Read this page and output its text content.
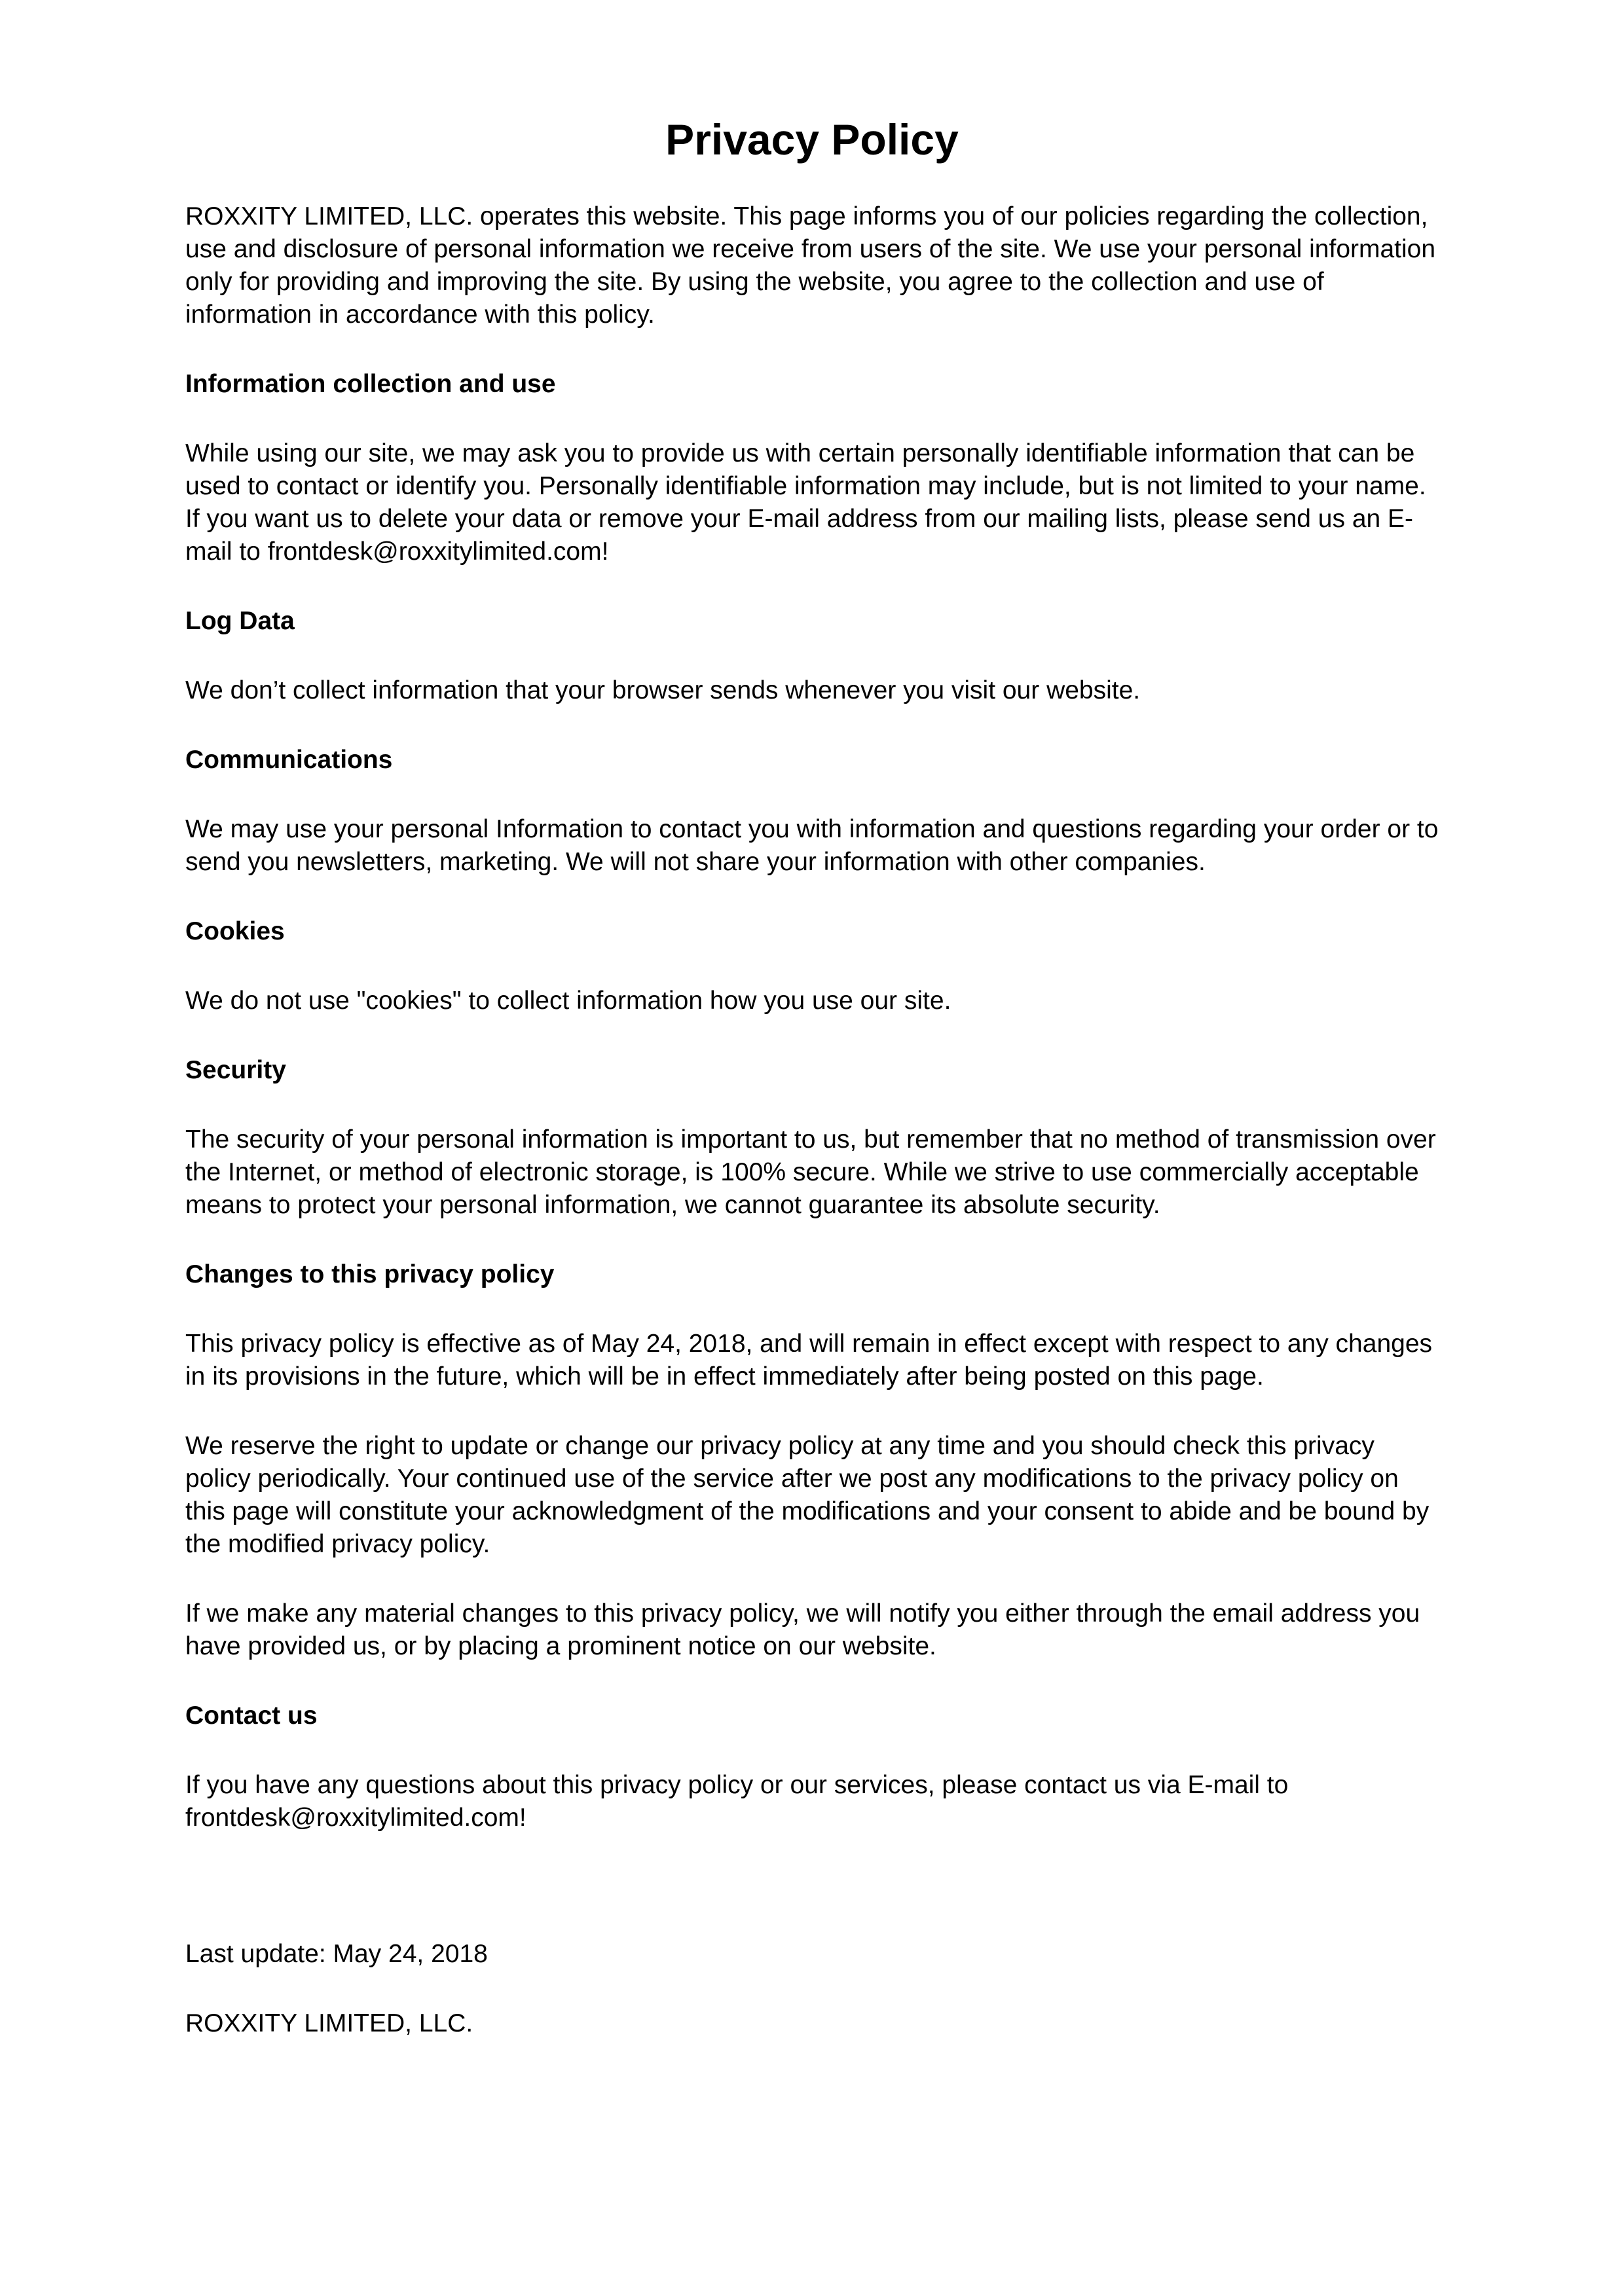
Privacy Policy

ROXXITY LIMITED, LLC. operates this website. This page informs you of our policies regarding the collection, use and disclosure of personal information we receive from users of the site. We use your personal information only for providing and improving the site. By using the website, you agree to the collection and use of information in accordance with this policy.

Information collection and use

While using our site, we may ask you to provide us with certain personally identifiable information that can be used to contact or identify you. Personally identifiable information may include, but is not limited to your name. If you want us to delete your data or remove your E-mail address from our mailing lists, please send us an E-mail to frontdesk@roxxitylimited.com!

Log Data

We don’t collect information that your browser sends whenever you visit our website.

Communications

We may use your personal Information to contact you with information and questions regarding your order or to send you newsletters, marketing. We will not share your information with other companies.

Cookies

We do not use "cookies" to collect information how you use our site.

Security

The security of your personal information is important to us, but remember that no method of transmission over the Internet, or method of electronic storage, is 100% secure. While we strive to use commercially acceptable means to protect your personal information, we cannot guarantee its absolute security.

Changes to this privacy policy

This privacy policy is effective as of May 24, 2018, and will remain in effect except with respect to any changes in its provisions in the future, which will be in effect immediately after being posted on this page.

We reserve the right to update or change our privacy policy at any time and you should check this privacy policy periodically. Your continued use of the service after we post any modifications to the privacy policy on this page will constitute your acknowledgment of the modifications and your consent to abide and be bound by the modified privacy policy.

If we make any material changes to this privacy policy, we will notify you either through the email address you have provided us, or by placing a prominent notice on our website.

Contact us

If you have any questions about this privacy policy or our services, please contact us via E-mail to frontdesk@roxxitylimited.com!

Last update: May 24, 2018

ROXXITY LIMITED, LLC.
